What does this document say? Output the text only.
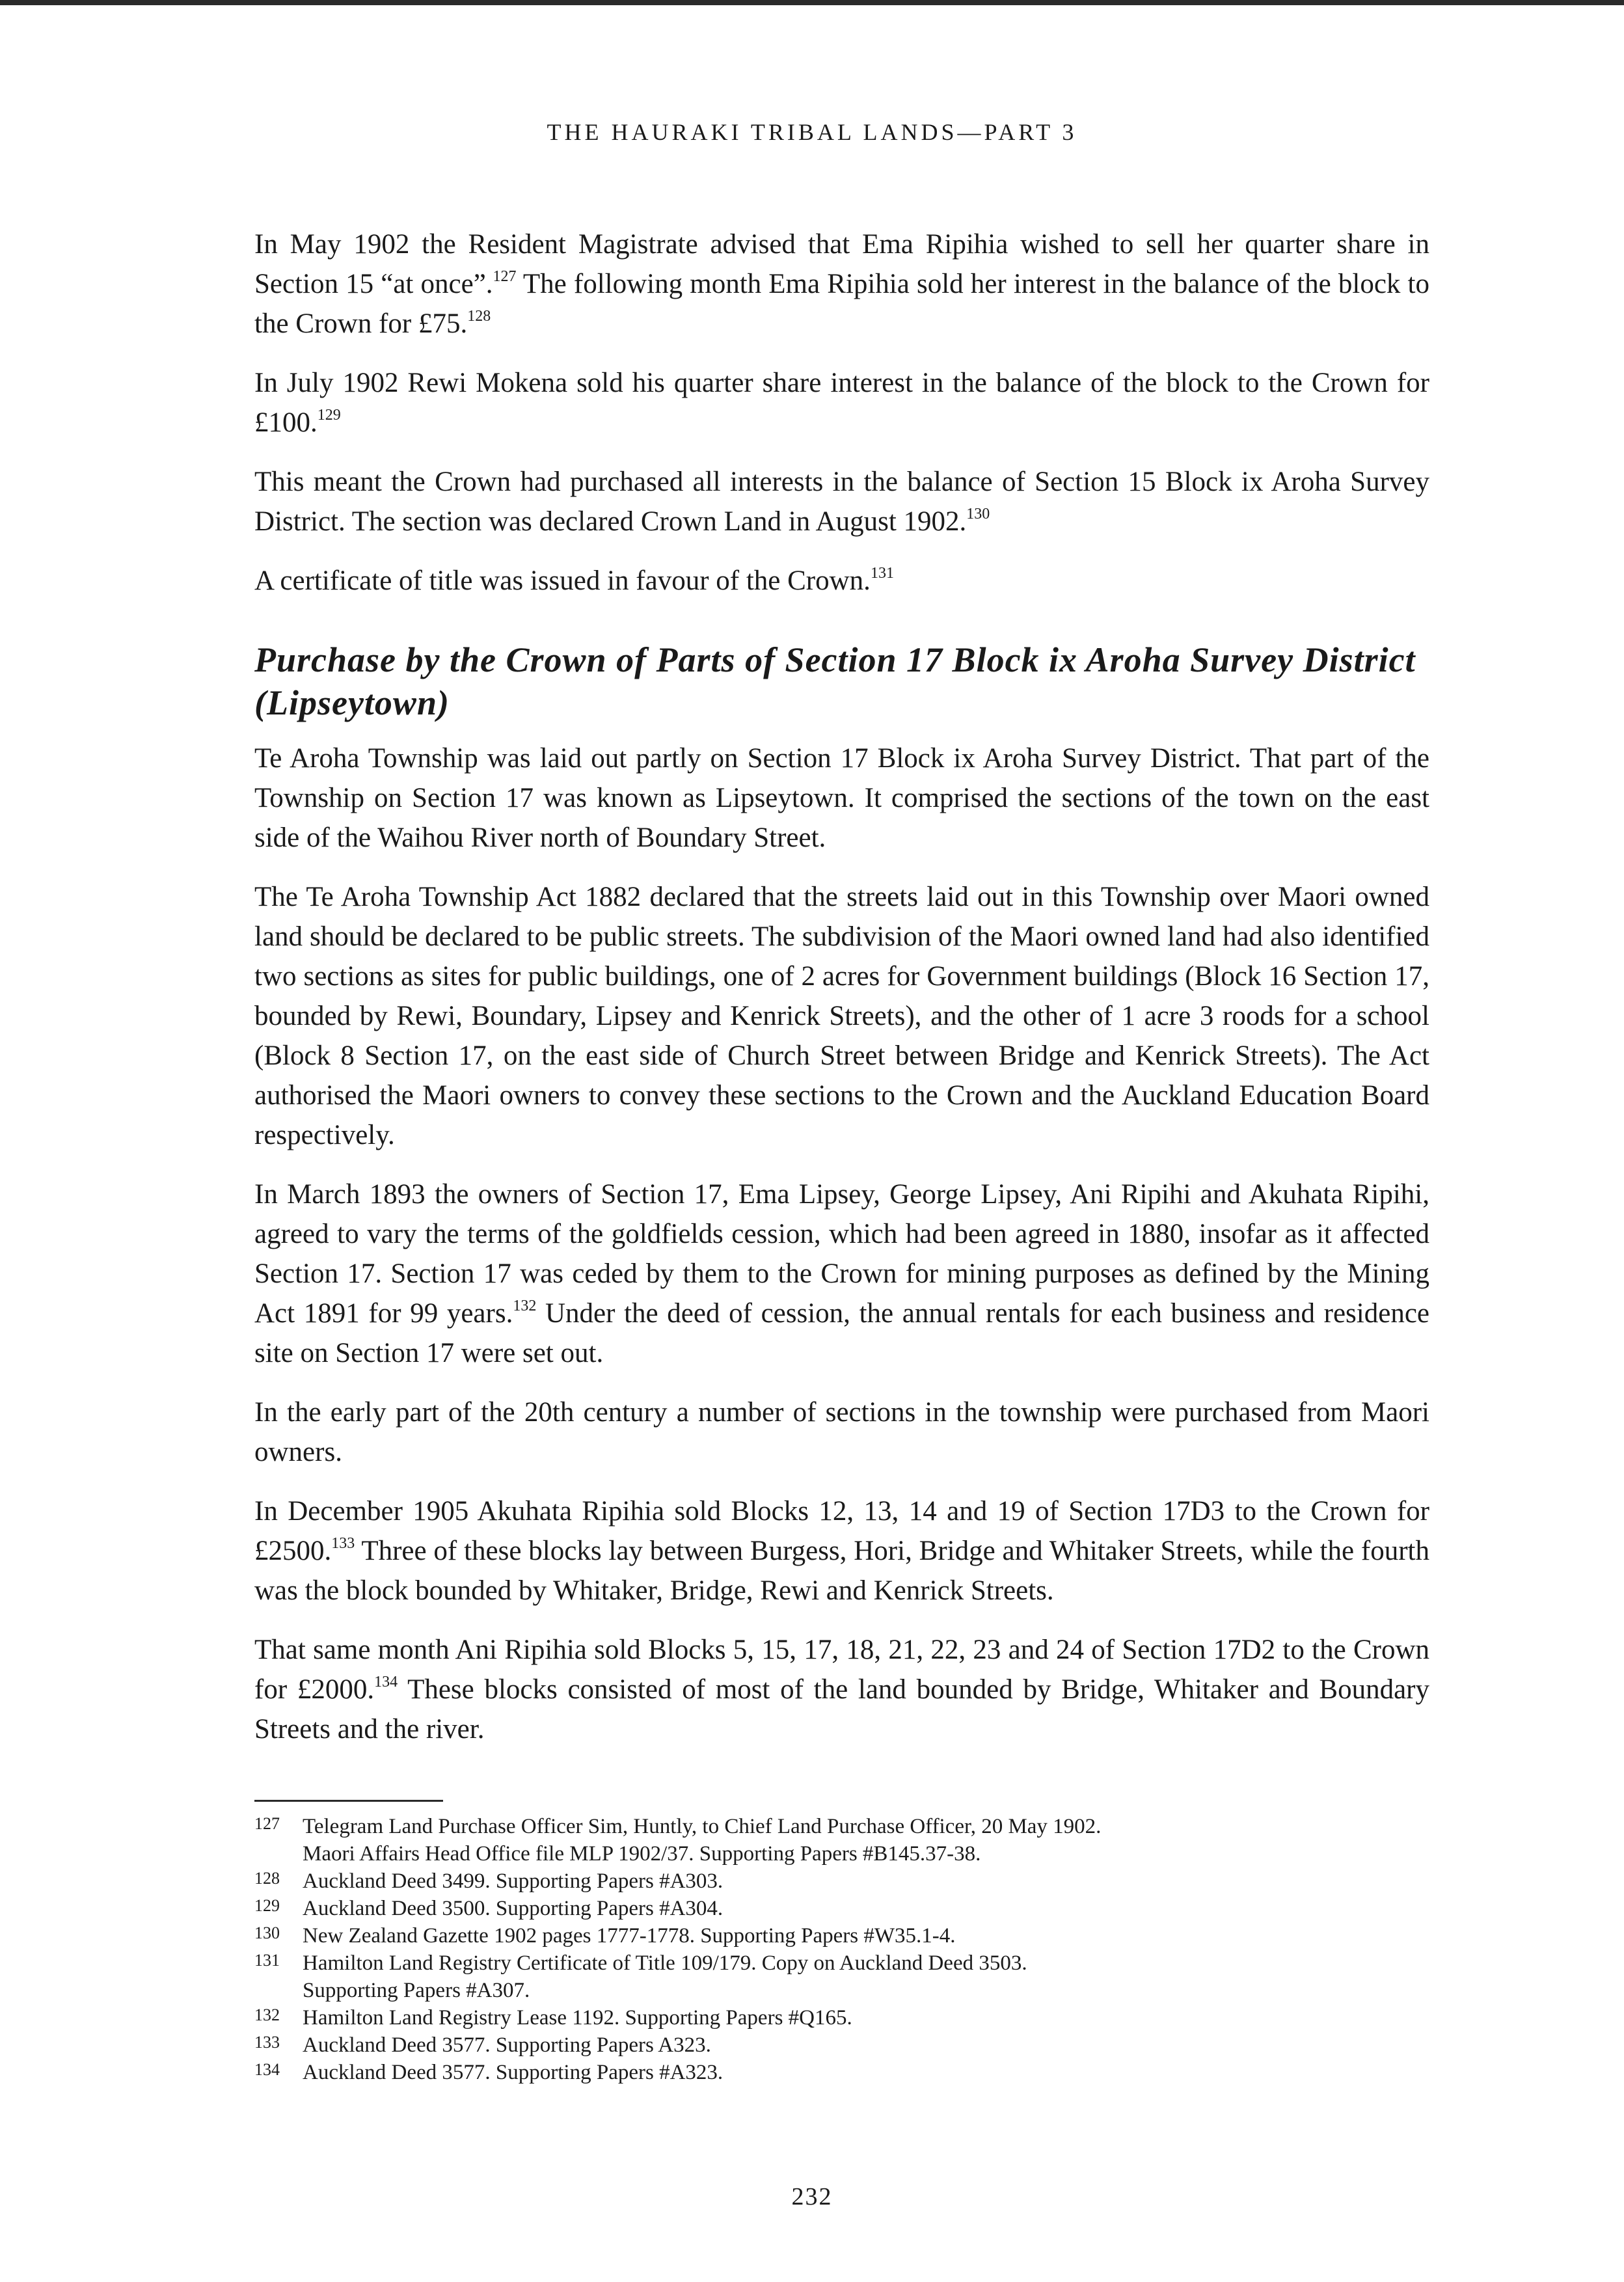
THE HAURAKI TRIBAL LANDS—PART 3
In May 1902 the Resident Magistrate advised that Ema Ripihia wished to sell her quarter share in Section 15 “at once”.$^{127}$ The following month Ema Ripihia sold her interest in the balance of the block to the Crown for £75.$^{128}$
In July 1902 Rewi Mokena sold his quarter share interest in the balance of the block to the Crown for £100.$^{129}$
This meant the Crown had purchased all interests in the balance of Section 15 Block ix Aroha Survey District. The section was declared Crown Land in August 1902.$^{130}$
A certificate of title was issued in favour of the Crown.$^{131}$
Purchase by the Crown of Parts of Section 17 Block ix Aroha Survey District (Lipseytown)
Te Aroha Township was laid out partly on Section 17 Block ix Aroha Survey District. That part of the Township on Section 17 was known as Lipseytown. It comprised the sections of the town on the east side of the Waihou River north of Boundary Street.
The Te Aroha Township Act 1882 declared that the streets laid out in this Township over Maori owned land should be declared to be public streets. The subdivision of the Maori owned land had also identified two sections as sites for public buildings, one of 2 acres for Government buildings (Block 16 Section 17, bounded by Rewi, Boundary, Lipsey and Kenrick Streets), and the other of 1 acre 3 roods for a school (Block 8 Section 17, on the east side of Church Street between Bridge and Kenrick Streets). The Act authorised the Maori owners to convey these sections to the Crown and the Auckland Education Board respectively.
In March 1893 the owners of Section 17, Ema Lipsey, George Lipsey, Ani Ripihi and Akuhata Ripihi, agreed to vary the terms of the goldfields cession, which had been agreed in 1880, insofar as it affected Section 17. Section 17 was ceded by them to the Crown for mining purposes as defined by the Mining Act 1891 for 99 years.$^{132}$ Under the deed of cession, the annual rentals for each business and residence site on Section 17 were set out.
In the early part of the 20th century a number of sections in the township were purchased from Maori owners.
In December 1905 Akuhata Ripihia sold Blocks 12, 13, 14 and 19 of Section 17D3 to the Crown for £2500.$^{133}$ Three of these blocks lay between Burgess, Hori, Bridge and Whitaker Streets, while the fourth was the block bounded by Whitaker, Bridge, Rewi and Kenrick Streets.
That same month Ani Ripihia sold Blocks 5, 15, 17, 18, 21, 22, 23 and 24 of Section 17D2 to the Crown for £2000.$^{134}$ These blocks consisted of most of the land bounded by Bridge, Whitaker and Boundary Streets and the river.
127 Telegram Land Purchase Officer Sim, Huntly, to Chief Land Purchase Officer, 20 May 1902.
Maori Affairs Head Office file MLP 1902/37. Supporting Papers #B145.37-38.
128 Auckland Deed 3499. Supporting Papers #A303.
129 Auckland Deed 3500. Supporting Papers #A304.
130 New Zealand Gazette 1902 pages 1777-1778. Supporting Papers #W35.1-4.
131 Hamilton Land Registry Certificate of Title 109/179. Copy on Auckland Deed 3503.
Supporting Papers #A307.
132 Hamilton Land Registry Lease 1192. Supporting Papers #Q165.
133 Auckland Deed 3577. Supporting Papers A323.
134 Auckland Deed 3577. Supporting Papers #A323.
232
